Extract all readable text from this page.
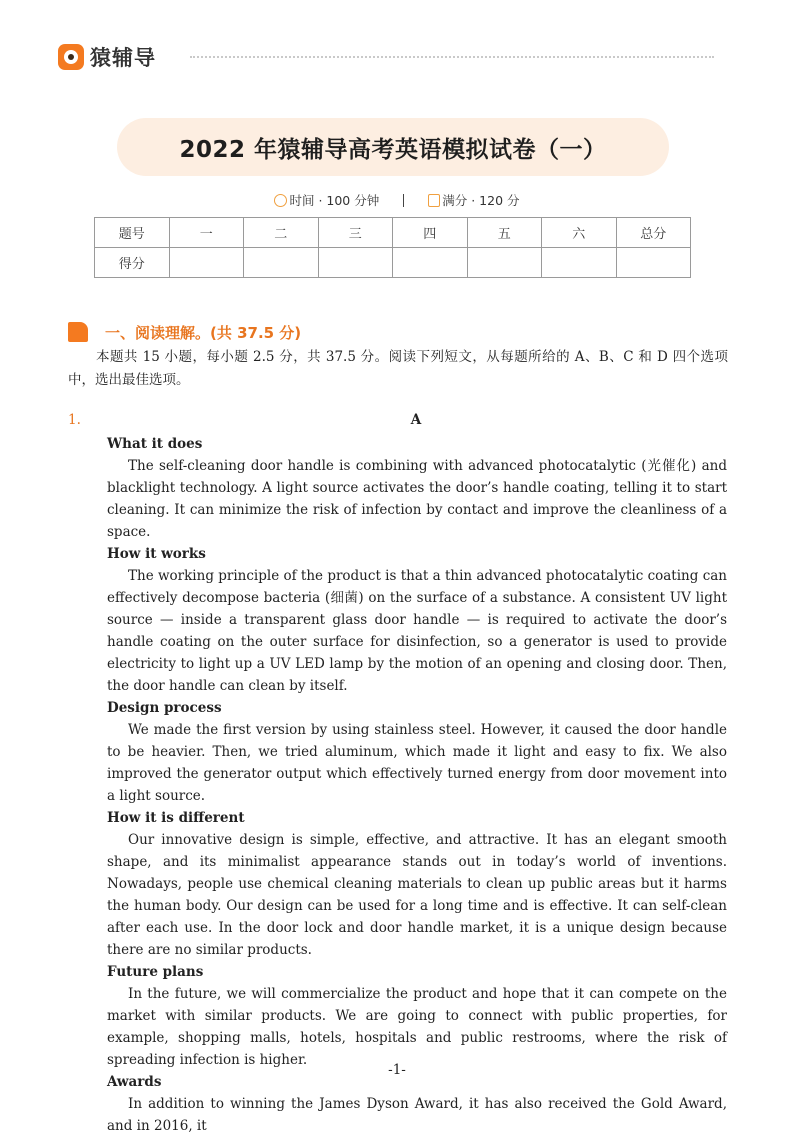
猿辅导
2022 年猿辅导高考英语模拟试卷（一）
时间 · 100 分钟	满分 · 120 分
题号	一	二	三	四	五	六	总分
得分							
一、阅读理解。(共 37.5 分)
本题共 15 小题，每小题 2.5 分，共 37.5 分。阅读下列短文，从每题所给的 A、B、C 和 D 四个选项中，选出最佳选项。
1.	A
What it does

The self-cleaning door handle is combining with advanced photocatalytic (光催化) and blacklight technology. A light source activates the door’s handle coating, telling it to start cleaning. It can minimize the risk of infection by contact and improve the cleanliness of a space.

How it works

The working principle of the product is that a thin advanced photocatalytic coating can effectively decompose bacteria (细菌) on the surface of a substance. A consistent UV light source — inside a transparent glass door handle — is required to activate the door’s handle coating on the outer surface for disinfection, so a generator is used to provide electricity to light up a UV LED lamp by the motion of an opening and closing door. Then, the door handle can clean by itself.

Design process

We made the first version by using stainless steel. However, it caused the door handle to be heavier. Then, we tried aluminum, which made it light and easy to fix. We also improved the generator output which effectively turned energy from door movement into a light source.

How it is different

Our innovative design is simple, effective, and attractive. It has an elegant smooth shape, and its minimalist appearance stands out in today’s world of inventions. Nowadays, people use chemical cleaning materials to clean up public areas but it harms the human body. Our design can be used for a long time and is effective. It can self-clean after each use. In the door lock and door handle market, it is a unique design because there are no similar products.

Future plans

In the future, we will commercialize the product and hope that it can compete on the market with similar products. We are going to connect with public properties, for example, shopping malls, hotels, hospitals and public restrooms, where the risk of spreading infection is higher.

Awards

In addition to winning the James Dyson Award, it has also received the Gold Award, and in 2016, it

-1-
